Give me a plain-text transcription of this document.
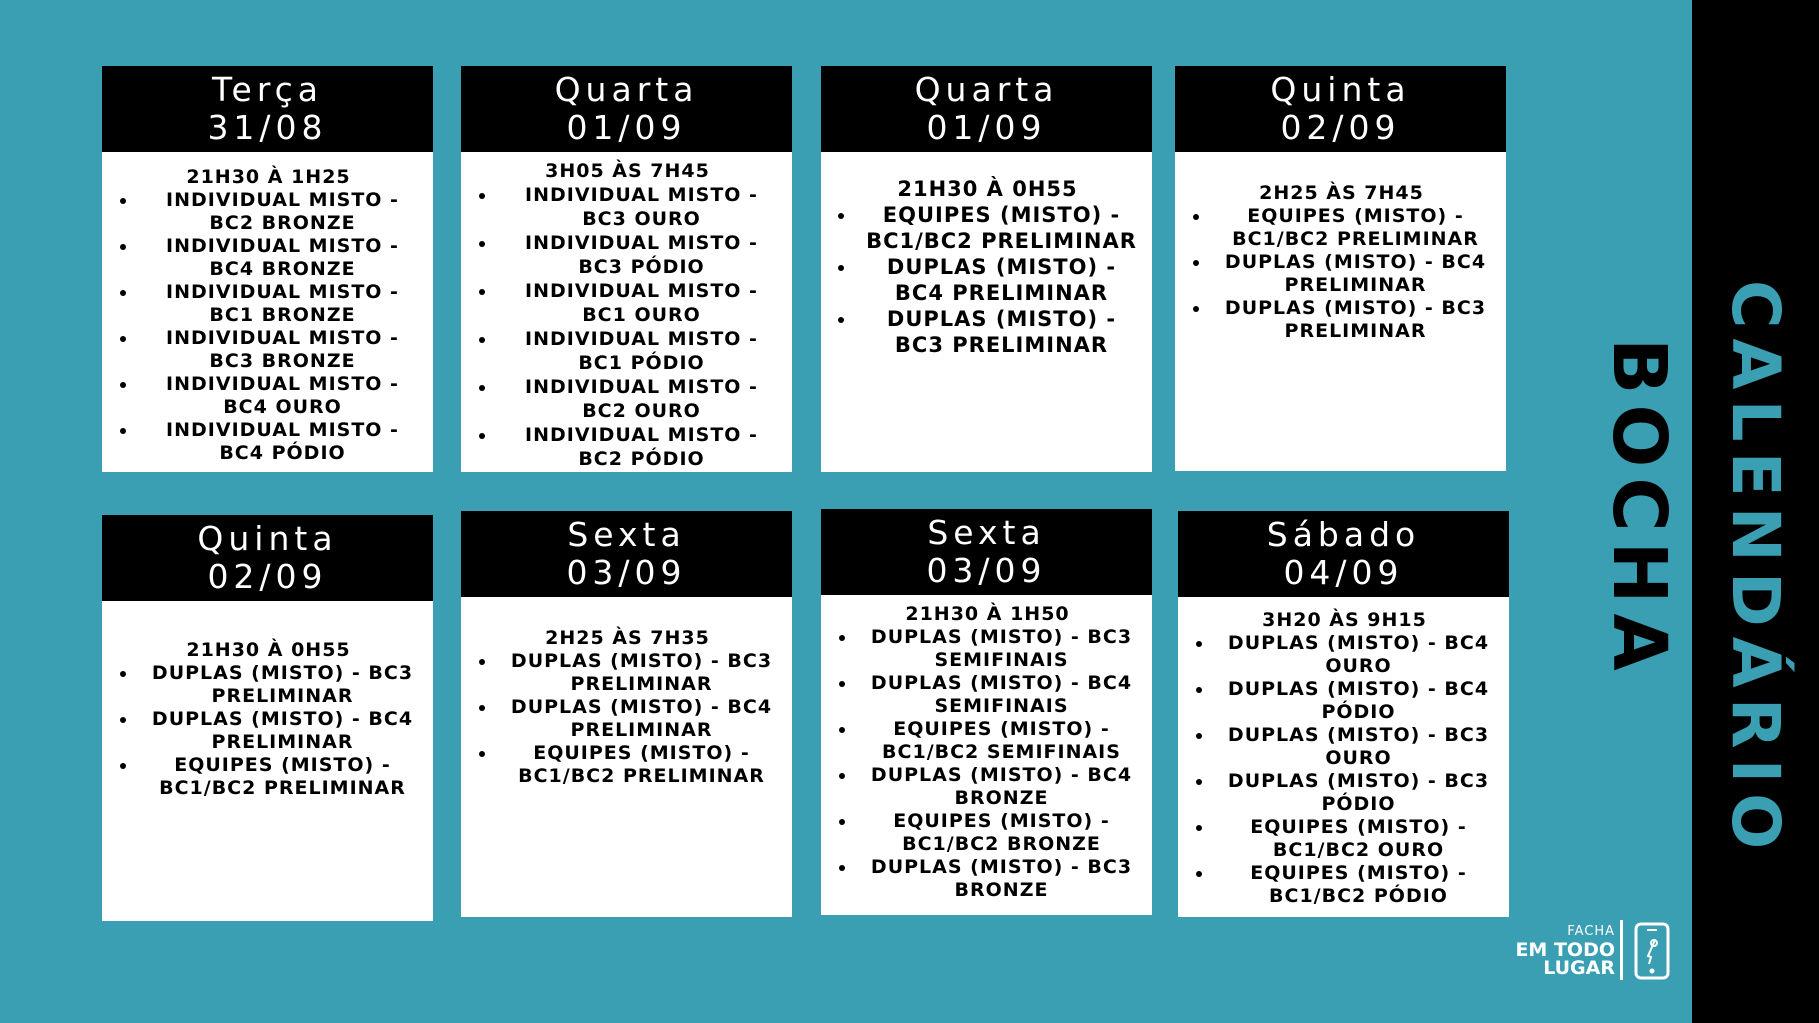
BOCHA CALENDÁRIO
Terça
31/08
21H30 À 1H25
• INDIVIDUAL MISTO - BC2 BRONZE
• INDIVIDUAL MISTO - BC4 BRONZE
• INDIVIDUAL MISTO - BC1 BRONZE
• INDIVIDUAL MISTO - BC3 BRONZE
• INDIVIDUAL MISTO - BC4 OURO
• INDIVIDUAL MISTO - BC4 PÓDIO
Quarta
01/09
3H05 ÀS 7H45
• INDIVIDUAL MISTO - BC3 OURO
• INDIVIDUAL MISTO - BC3 PÓDIO
• INDIVIDUAL MISTO - BC1 OURO
• INDIVIDUAL MISTO - BC1 PÓDIO
• INDIVIDUAL MISTO - BC2 OURO
• INDIVIDUAL MISTO - BC2 PÓDIO
Quarta
01/09
21H30 À 0H55
• EQUIPES (MISTO) - BC1/BC2 PRELIMINAR
• DUPLAS (MISTO) - BC4 PRELIMINAR
• DUPLAS (MISTO) - BC3 PRELIMINAR
Quinta
02/09
2H25 ÀS 7H45
• EQUIPES (MISTO) - BC1/BC2 PRELIMINAR
• DUPLAS (MISTO) - BC4 PRELIMINAR
• DUPLAS (MISTO) - BC3 PRELIMINAR
Quinta
02/09
21H30 À 0H55
• DUPLAS (MISTO) - BC3 PRELIMINAR
• DUPLAS (MISTO) - BC4 PRELIMINAR
• EQUIPES (MISTO) - BC1/BC2 PRELIMINAR
Sexta
03/09
2H25 ÀS 7H35
• DUPLAS (MISTO) - BC3 PRELIMINAR
• DUPLAS (MISTO) - BC4 PRELIMINAR
• EQUIPES (MISTO) - BC1/BC2 PRELIMINAR
Sexta
03/09
21H30 À 1H50
• DUPLAS (MISTO) - BC3 SEMIFINAIS
• DUPLAS (MISTO) - BC4 SEMIFINAIS
• EQUIPES (MISTO) - BC1/BC2 SEMIFINAIS
• DUPLAS (MISTO) - BC4 BRONZE
• EQUIPES (MISTO) - BC1/BC2 BRONZE
• DUPLAS (MISTO) - BC3 BRONZE
Sábado
04/09
3H20 ÀS 9H15
• DUPLAS (MISTO) - BC4 OURO
• DUPLAS (MISTO) - BC4 PÓDIO
• DUPLAS (MISTO) - BC3 OURO
• DUPLAS (MISTO) - BC3 PÓDIO
• EQUIPES (MISTO) - BC1/BC2 OURO
• EQUIPES (MISTO) - BC1/BC2 PÓDIO
FACHA
EM TODO
LUGAR
